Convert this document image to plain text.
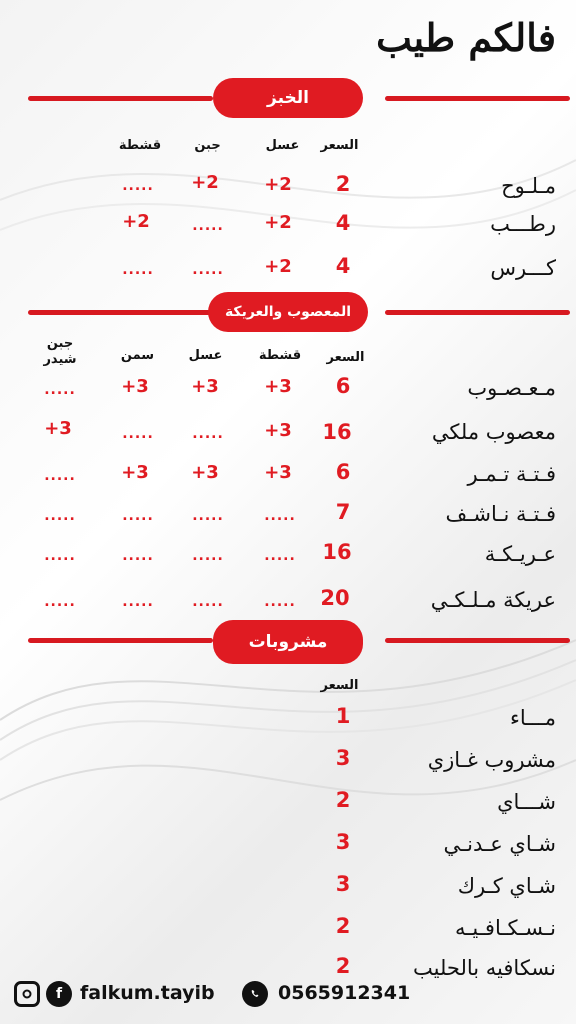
فالكم طيب
الخبز
السعر
عسل
جبن
قشطة
مـلـوح
2
+2
+2
.....
رطـــب
4
+2
.....
+2
كـــرس
4
+2
.....
.....
المعصوب والعريكة
السعر
قشطة
عسل
سمن
جبن
شيدر
مـعـصـوب
6
+3
+3
+3
.....
معصوب ملكي
16
+3
.....
.....
+3
فـتـة تـمـر
6
+3
+3
+3
.....
فـتـة نـاشـف
7
.....
.....
.....
.....
عـريـكـة
16
.....
.....
.....
.....
عريكة مـلـكـي
20
.....
.....
.....
.....
مشروبات
السعر
مـــاء
1
مشروب غـازي
3
شـــاي
2
شـاي عـدنـي
3
شـاي كـرك
3
نـسـكـافـيـه
2
نسكافيه بالحليب
2
f falkum.tayib	0565912341
